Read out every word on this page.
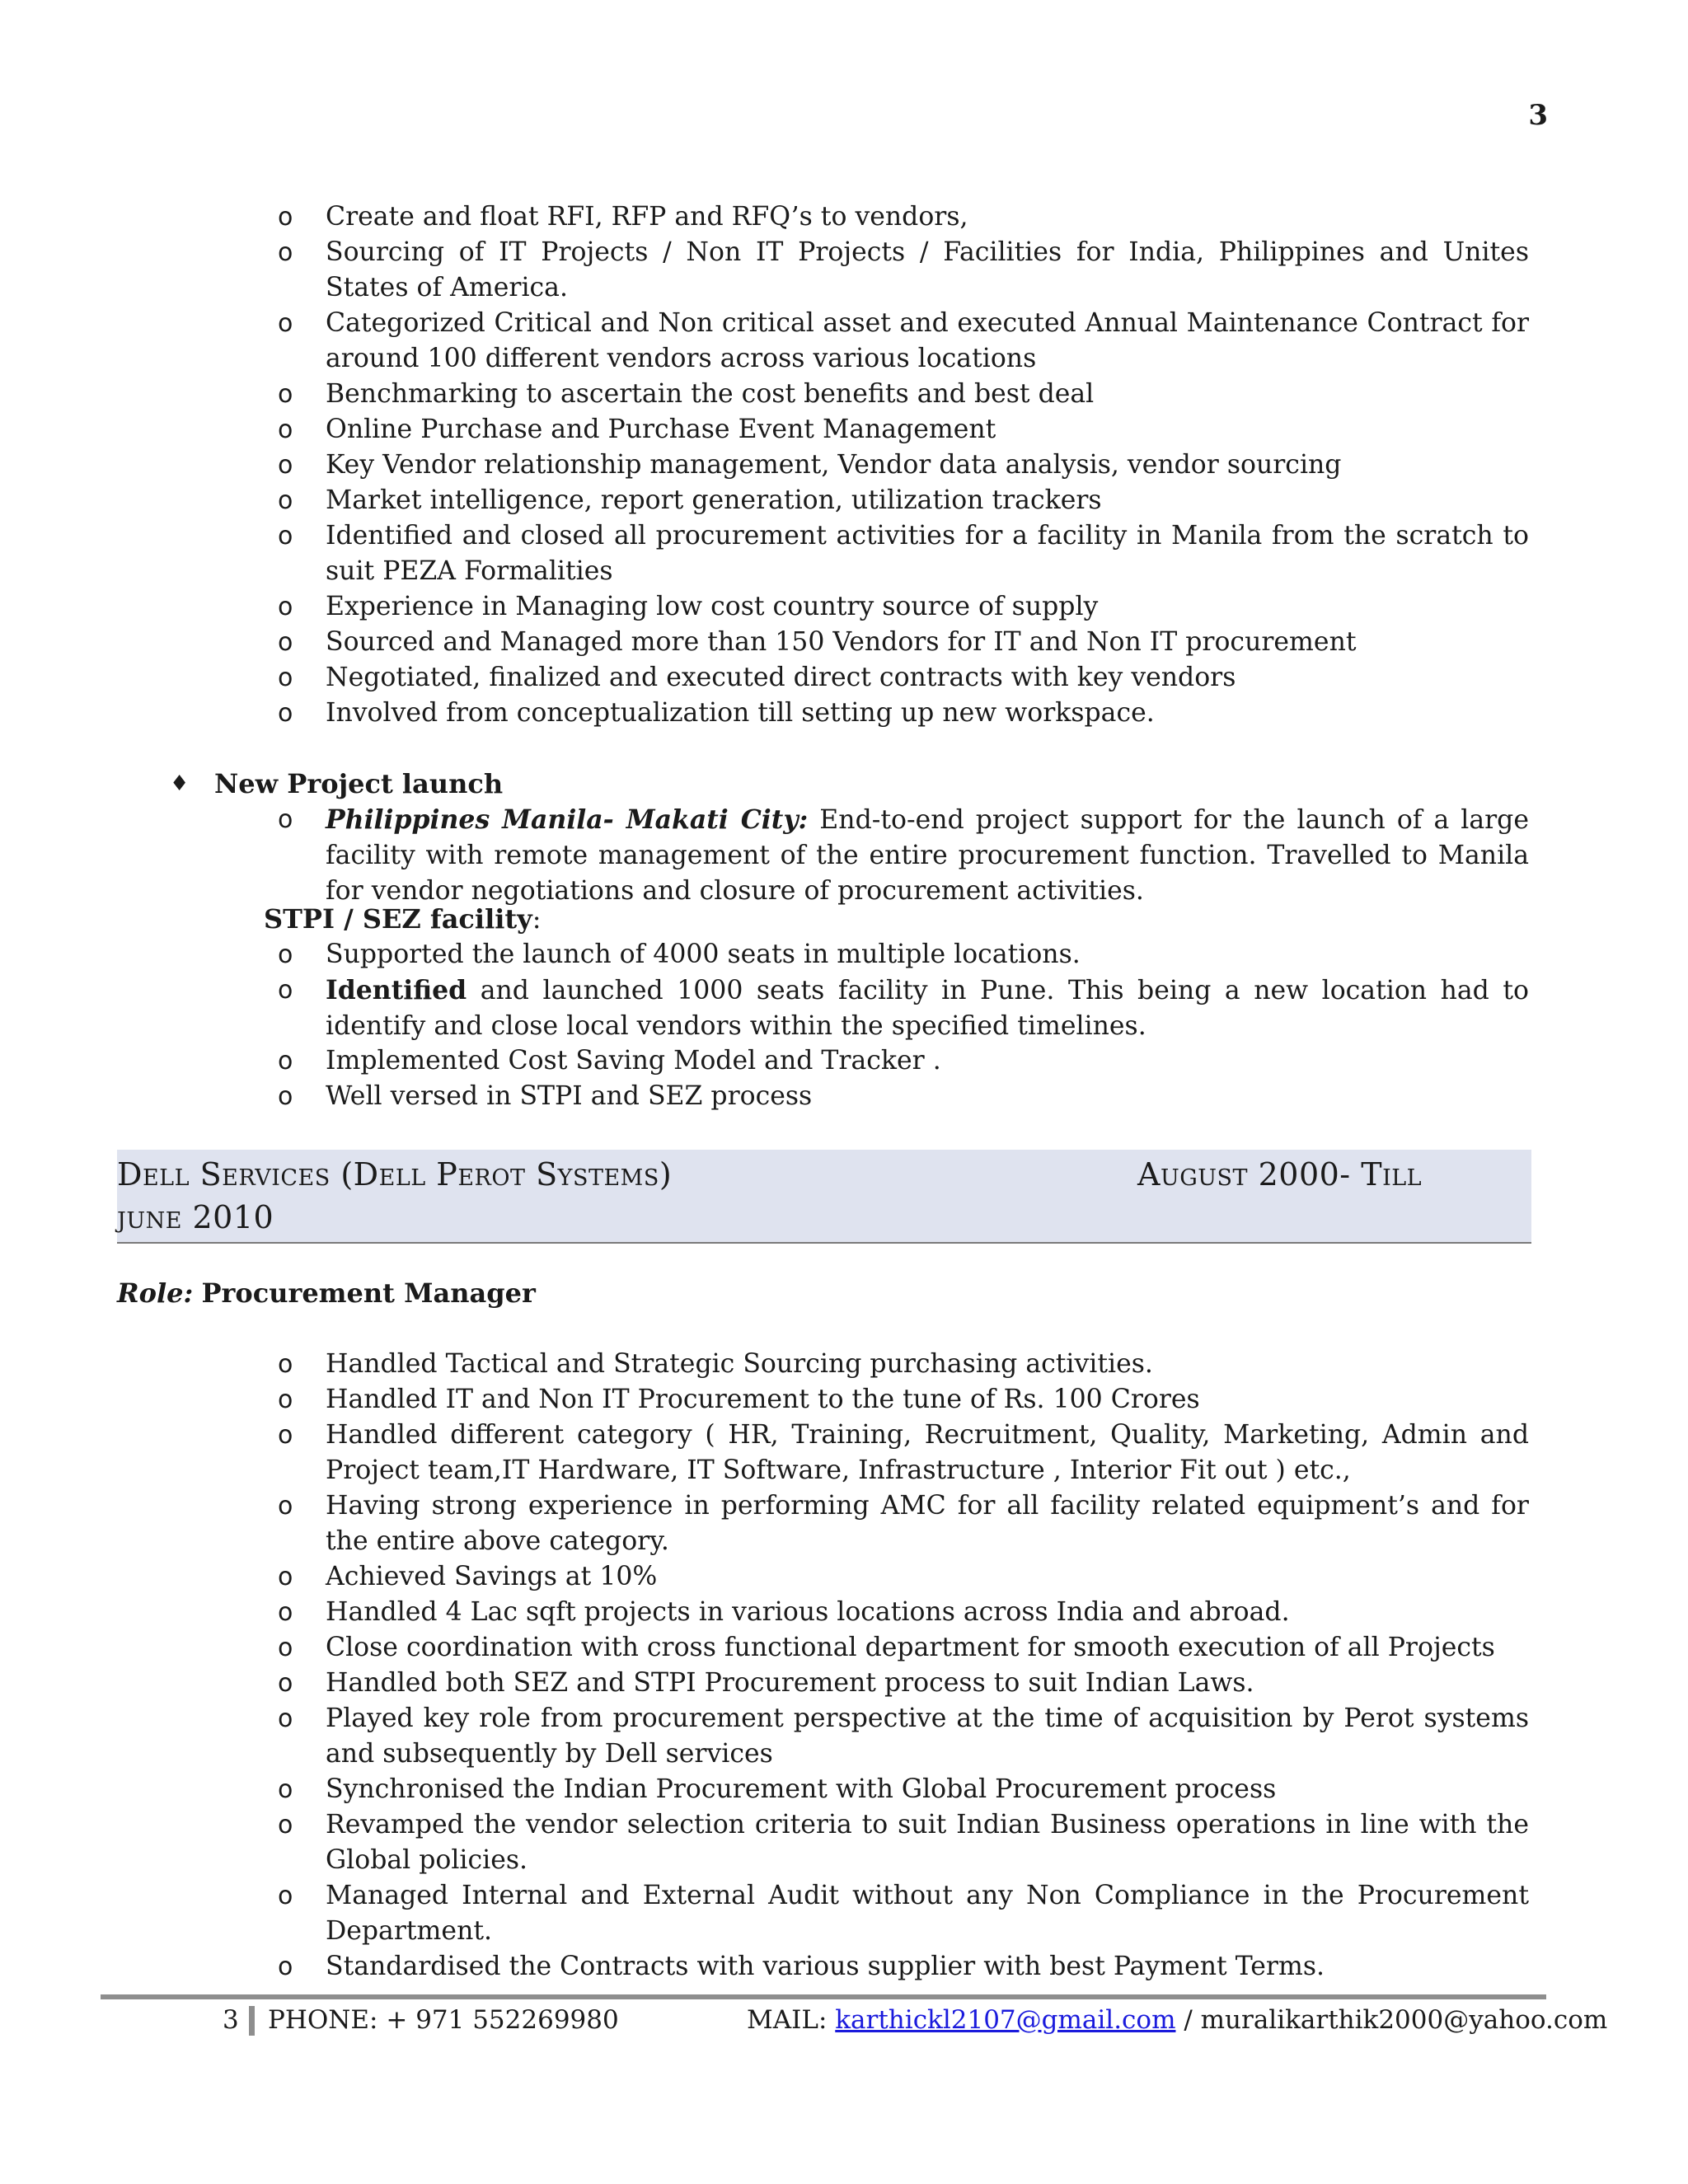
3
o Create and float RFI, RFP and RFQ’s to vendors,
o Sourcing of IT Projects / Non IT Projects / Facilities for India, Philippines and Unites States of America.
o Categorized Critical and Non critical asset and executed Annual Maintenance Contract for around 100 different vendors across various locations
o Benchmarking to ascertain the cost benefits and best deal
o Online Purchase and Purchase Event Management
o Key Vendor relationship management, Vendor data analysis, vendor sourcing
o Market intelligence, report generation, utilization trackers
o Identified and closed all procurement activities for a facility in Manila from the scratch to suit PEZA Formalities
o Experience in Managing low cost country source of supply
o Sourced and Managed more than 150 Vendors for IT and Non IT procurement
o Negotiated, finalized and executed direct contracts with key vendors
o Involved from conceptualization till setting up new workspace.
♦ New Project launch
o Philippines Manila- Makati City: End-to-end project support for the launch of a large facility with remote management of the entire procurement function. Travelled to Manila for vendor negotiations and closure of procurement activities.
STPI / SEZ facility:
o Supported the launch of 4000 seats in multiple locations.
o Identified and launched 1000 seats facility in Pune. This being a new location had to identify and close local vendors within the specified timelines.
o Implemented Cost Saving Model and Tracker .
o Well versed in STPI and SEZ process
Dell Services (Dell Perot Systems)	August 2000- Till
june 2010
Role: Procurement Manager
o Handled Tactical and Strategic Sourcing purchasing activities.
o Handled IT and Non IT Procurement to the tune of Rs. 100 Crores
o Handled different category ( HR, Training, Recruitment, Quality, Marketing, Admin and Project team,IT Hardware, IT Software, Infrastructure , Interior Fit out ) etc.,
o Having strong experience in performing AMC for all facility related equipment’s and for the entire above category.
o Achieved Savings at 10%
o Handled 4 Lac sqft projects in various locations across India and abroad.
o Close coordination with cross functional department for smooth execution of all Projects
o Handled both SEZ and STPI Procurement process to suit Indian Laws.
o Played key role from procurement perspective at the time of acquisition by Perot systems and subsequently by Dell services
o Synchronised the Indian Procurement with Global Procurement process
o Revamped the vendor selection criteria to suit Indian Business operations in line with the Global policies.
o Managed Internal and External Audit without any Non Compliance in the Procurement Department.
o Standardised the Contracts with various supplier with best Payment Terms.
3 PHONE: + 971 552269980	MAIL: karthickl2107@gmail.com / muralikarthik2000@yahoo.com
